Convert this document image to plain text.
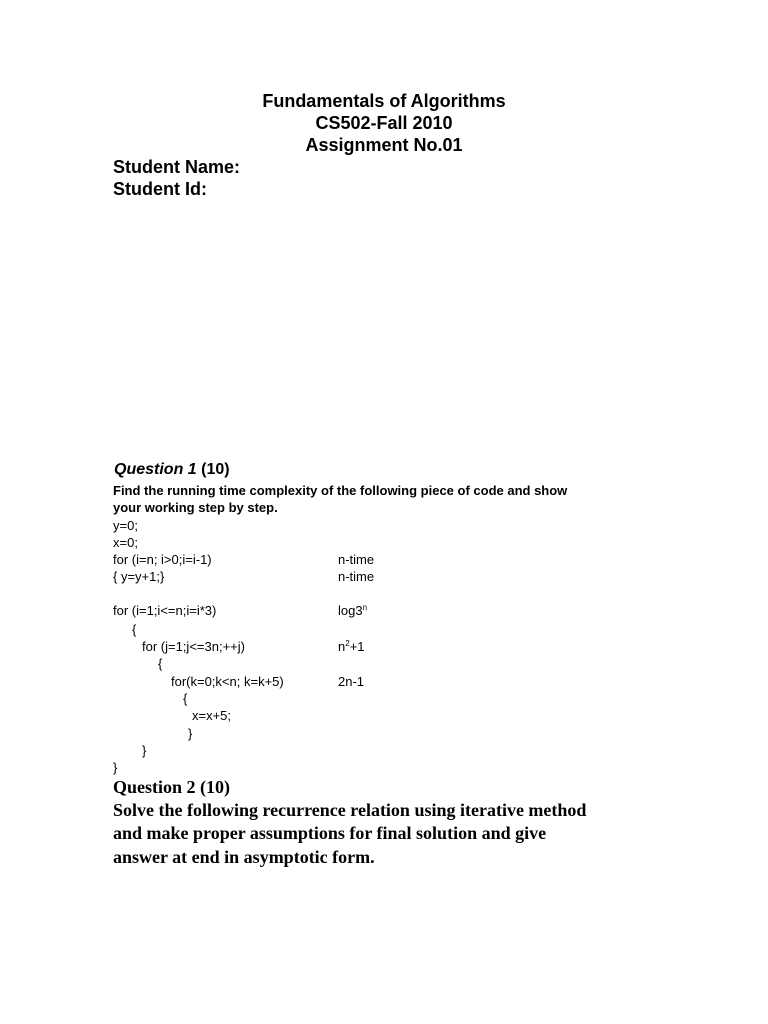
Fundamentals of Algorithms
CS502-Fall 2010
Assignment No.01
Student Name:
Student Id:
Question 1 (10)
Find the running time complexity of the following piece of code and show
your working step by step.
y=0;
x=0;
for (i=n; i>0;i=i-1)
{ y=y+1;}
for (i=1;i<=n;i=i*3)
{
for (j=1;j<=3n;++j)
{
for(k=0;k<n; k=k+5)
{
x=x+5;
}
}
}
n-time
n-time
log3$^n$
$n^2+1$
2n-1
Question 2 (10)
Solve the following recurrence relation using iterative method
and make proper assumptions for final solution and give
answer at end in asymptotic form.
